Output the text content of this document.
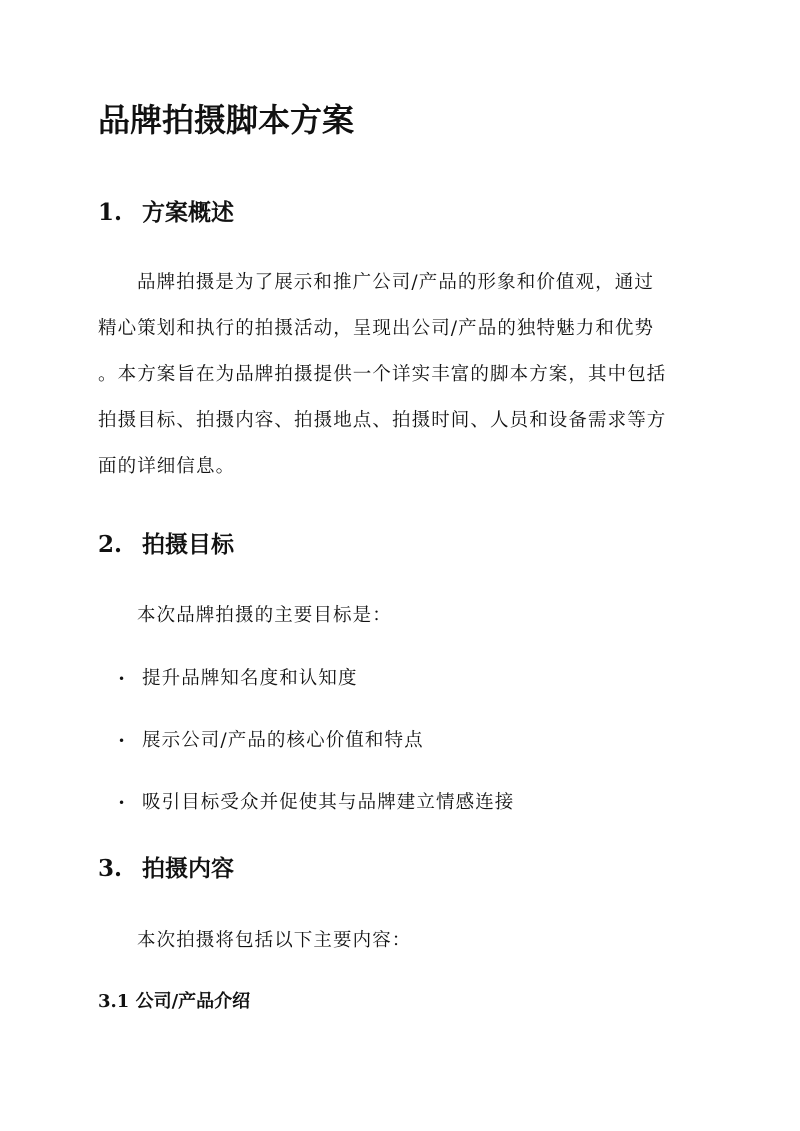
品牌拍摄脚本方案
1. 方案概述
品牌拍摄是为了展示和推广公司/产品的形象和价值观，通过
精心策划和执行的拍摄活动，呈现出公司/产品的独特魅力和优势
。本方案旨在为品牌拍摄提供一个详实丰富的脚本方案，其中包括
拍摄目标、拍摄内容、拍摄地点、拍摄时间、人员和设备需求等方
面的详细信息。
2. 拍摄目标
本次品牌拍摄的主要目标是：
• 提升品牌知名度和认知度
• 展示公司/产品的核心价值和特点
• 吸引目标受众并促使其与品牌建立情感连接
3. 拍摄内容
本次拍摄将包括以下主要内容：
3.1 公司/产品介绍
